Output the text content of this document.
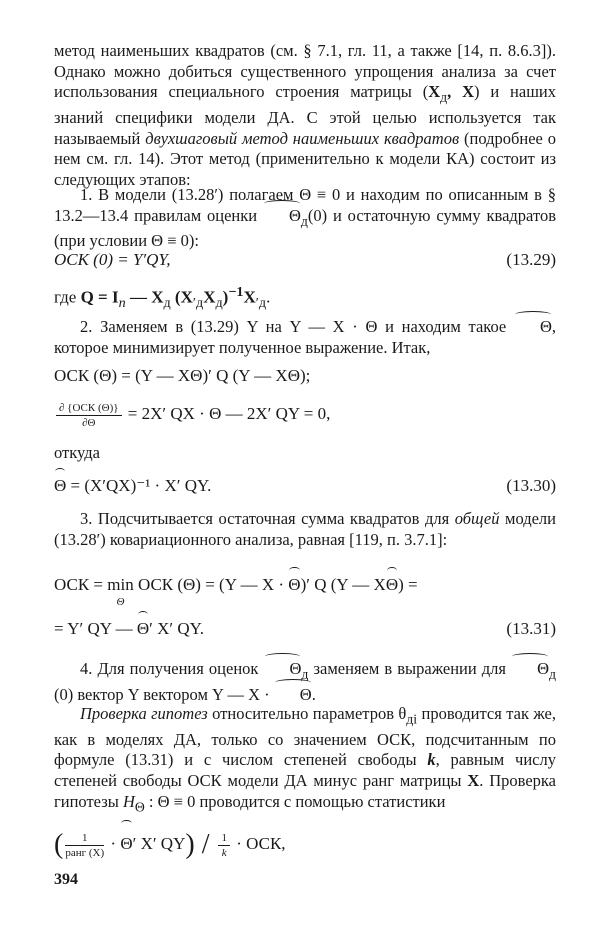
метод наименьших квадратов (см. § 7.1, гл. 11, а также [14, п. 8.6.3]). Однако можно добиться существенного упрощения анализа за счет использования специального строения матрицы ($X_д$, X) и наших знаний специфики модели ДА. С этой целью используется так называемый двухшаговый метод наименьших квадратов (подробнее о нем см. гл. 14). Этот метод (применительно к модели КА) состоит из следующих этапов:
1. В модели (13.28′) полагаем Θ ≡ 0 и находим по описанным в § 13.2—13.4 правилам оценки $\Theta_д(0)$ и остаточную сумму квадратов (при условии Θ ≡ 0):
ОСК (0) = Y′QY,	(13.29)
где $Q = I_n$ — $X_д$ $(X_{'д}X_д)^{-1}X_{'д}$.
2. Заменяем в (13.29) Y на Y — X · Θ и находим такое Θ, которое минимизирует полученное выражение. Итак,
ОСК (Θ) = (Y — XΘ)′ Q (Y — XΘ);
$\frac{\text{∂ \{ОСК (Θ)\}}}{\partial\Theta} = 2X'$ QX · Θ — 2X′ QY = 0,
откуда
Θ = (X′QX)⁻¹ · X′ QY.	(13.30)
3. Подсчитывается остаточная сумма квадратов для общей модели (13.28′) ковариационного анализа, равная [119, п. 3.7.1]:
ОСК = min
Θ
ОСК (Θ) = (Y — X · Θ)′ Q (Y — XΘ) =
= Y′ QY — Θ′ X′ QY.	(13.31)
4. Для получения оценок $\Theta_д$ заменяем в выражении для $\Theta_д$ (0) вектор Y вектором Y — X · Θ.
Проверка гипотез относительно параметров $\theta_{дi}$ проводится так же, как в моделях ДА, только со значением ОСК, подсчитанным по формуле (13.31) и с числом степеней свободы k, равным числу степеней свободы ОСК модели ДА минус ранг матрицы X. Проверка гипотезы $H_\Theta$ : Θ ≡ 0 проводится с помощью статистики
( $\frac{1}{\text{ранг (X)}} \cdot \Theta'$ X′ $QY) / \frac{1}{k}$ · ОСК,
394
